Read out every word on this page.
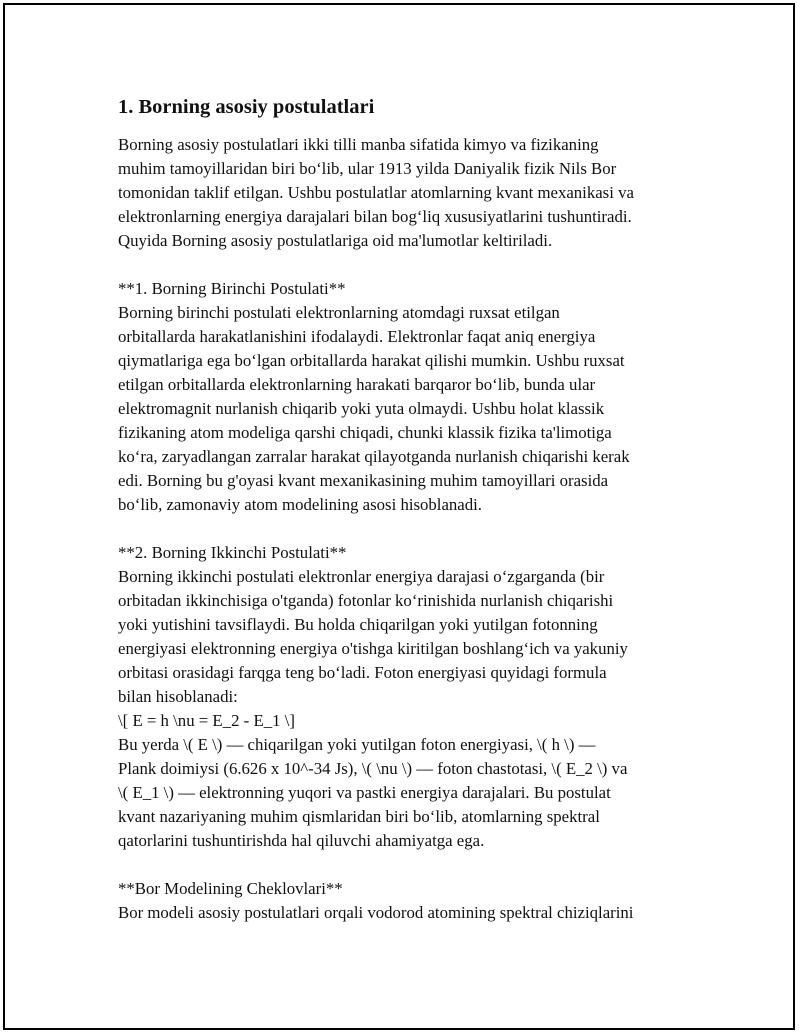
1. Borning asosiy postulatlari
Borning asosiy postulatlari ikki tilli manba sifatida kimyo va fizikaning
muhim tamoyillaridan biri bo‘lib, ular 1913 yilda Daniyalik fizik Nils Bor
tomonidan taklif etilgan. Ushbu postulatlar atomlarning kvant mexanikasi va
elektronlarning energiya darajalari bilan bog‘liq xususiyatlarini tushuntiradi.
Quyida Borning asosiy postulatlariga oid ma'lumotlar keltiriladi.
**1. Borning Birinchi Postulati**
Borning birinchi postulati elektronlarning atomdagi ruxsat etilgan
orbitallarda harakatlanishini ifodalaydi. Elektronlar faqat aniq energiya
qiymatlariga ega bo‘lgan orbitallarda harakat qilishi mumkin. Ushbu ruxsat
etilgan orbitallarda elektronlarning harakati barqaror bo‘lib, bunda ular
elektromagnit nurlanish chiqarib yoki yuta olmaydi. Ushbu holat klassik
fizikaning atom modeliga qarshi chiqadi, chunki klassik fizika ta'limotiga
ko‘ra, zaryadlangan zarralar harakat qilayotganda nurlanish chiqarishi kerak
edi. Borning bu g'oyasi kvant mexanikasining muhim tamoyillari orasida
bo‘lib, zamonaviy atom modelining asosi hisoblanadi.
**2. Borning Ikkinchi Postulati**
Borning ikkinchi postulati elektronlar energiya darajasi o‘zgarganda (bir
orbitadan ikkinchisiga o'tganda) fotonlar ko‘rinishida nurlanish chiqarishi
yoki yutishini tavsiflaydi. Bu holda chiqarilgan yoki yutilgan fotonning
energiyasi elektronning energiya o'tishga kiritilgan boshlang‘ich va yakuniy
orbitasi orasidagi farqga teng bo‘ladi. Foton energiyasi quyidagi formula
bilan hisoblanadi:
\[ E = h \nu = E_2 - E_1 \]
Bu yerda \( E \) — chiqarilgan yoki yutilgan foton energiyasi, \( h \) —
Plank doimiysi (6.626 x 10^-34 Js), \( \nu \) — foton chastotasi, \( E_2 \) va
\( E_1 \) — elektronning yuqori va pastki energiya darajalari. Bu postulat
kvant nazariyaning muhim qismlaridan biri bo‘lib, atomlarning spektral
qatorlarini tushuntirishda hal qiluvchi ahamiyatga ega.
**Bor Modelining Cheklovlari**
Bor modeli asosiy postulatlari orqali vodorod atomining spektral chiziqlarini
